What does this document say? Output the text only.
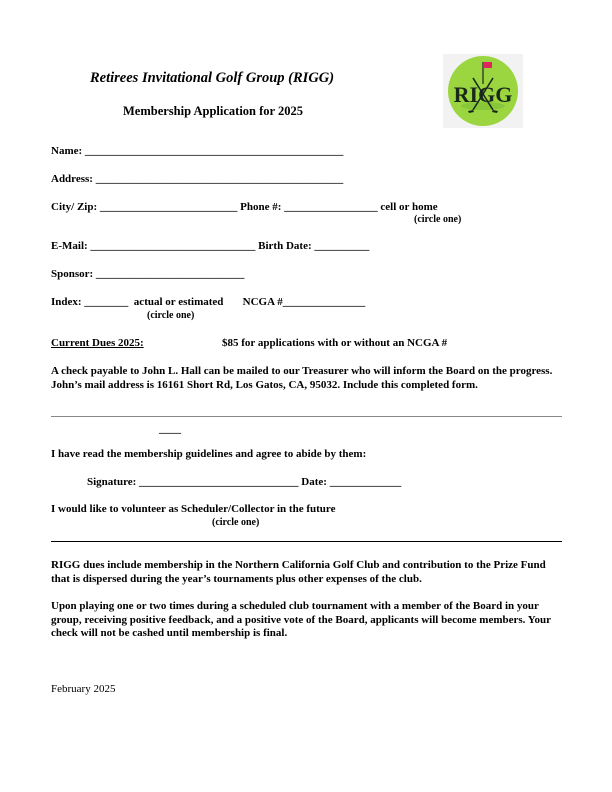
Retirees Invitational Golf Group (RIGG)
Membership Application for 2025
RIGG
Name: _______________________________________________
Address: _____________________________________________
City/ Zip: _________________________ Phone #: _________________ cell or home
(circle one)
E-Mail: ______________________________ Birth Date: __________
Sponsor: ___________________________
Index: ________  actual or estimated       NCGA #_______________
(circle one)
Current Dues 2025:	$85 for applications with or without an NCGA #
A check payable to John L. Hall can be mailed to our Treasurer who will inform the Board on the progress. John’s mail address is 16161 Short Rd, Los Gatos, CA, 95032. Include this completed form.
____
I have read the membership guidelines and agree to abide by them:
Signature: _____________________________ Date: _____________
I would like to volunteer as Scheduler/Collector in the future
(circle one)
RIGG dues include membership in the Northern California Golf Club and contribution to the Prize Fund that is dispersed during the year’s tournaments plus other expenses of the club.
Upon playing one or two times during a scheduled club tournament with a member of the Board in your group, receiving positive feedback, and a positive vote of the Board, applicants will become members. Your check will not be cashed until membership is final.
February 2025
